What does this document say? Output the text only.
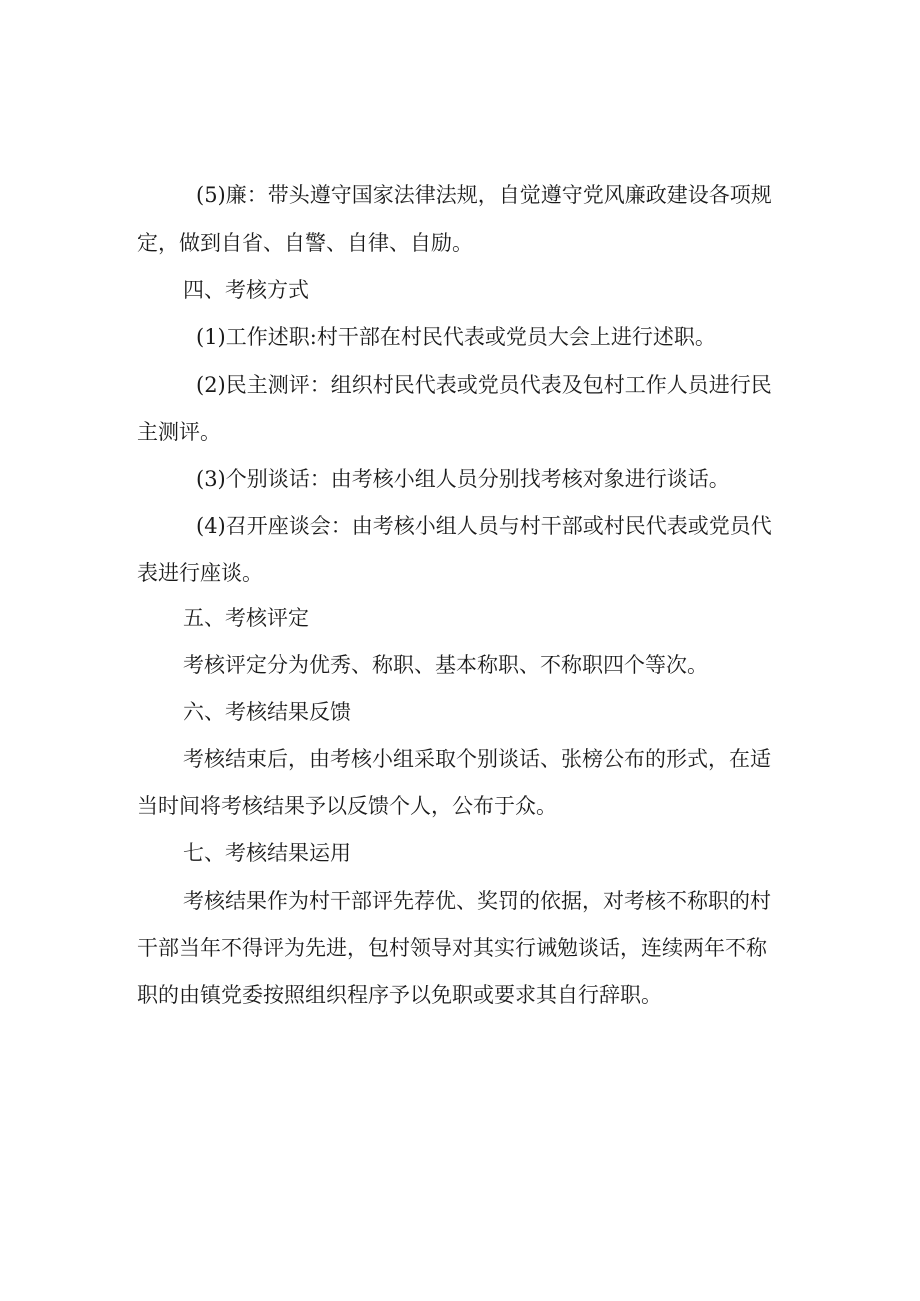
(5)廉：带头遵守国家法律法规，自觉遵守党风廉政建设各项规
定，做到自省、自警、自律、自励。
四、考核方式
(1)工作述职:村干部在村民代表或党员大会上进行述职。
(2)民主测评：组织村民代表或党员代表及包村工作人员进行民
主测评。
(3)个别谈话：由考核小组人员分别找考核对象进行谈话。
(4)召开座谈会：由考核小组人员与村干部或村民代表或党员代
表进行座谈。
五、考核评定
考核评定分为优秀、称职、基本称职、不称职四个等次。
六、考核结果反馈
考核结束后，由考核小组采取个别谈话、张榜公布的形式，在适
当时间将考核结果予以反馈个人，公布于众。
七、考核结果运用
考核结果作为村干部评先荐优、奖罚的依据，对考核不称职的村
干部当年不得评为先进，包村领导对其实行诫勉谈话，连续两年不称
职的由镇党委按照组织程序予以免职或要求其自行辞职。
